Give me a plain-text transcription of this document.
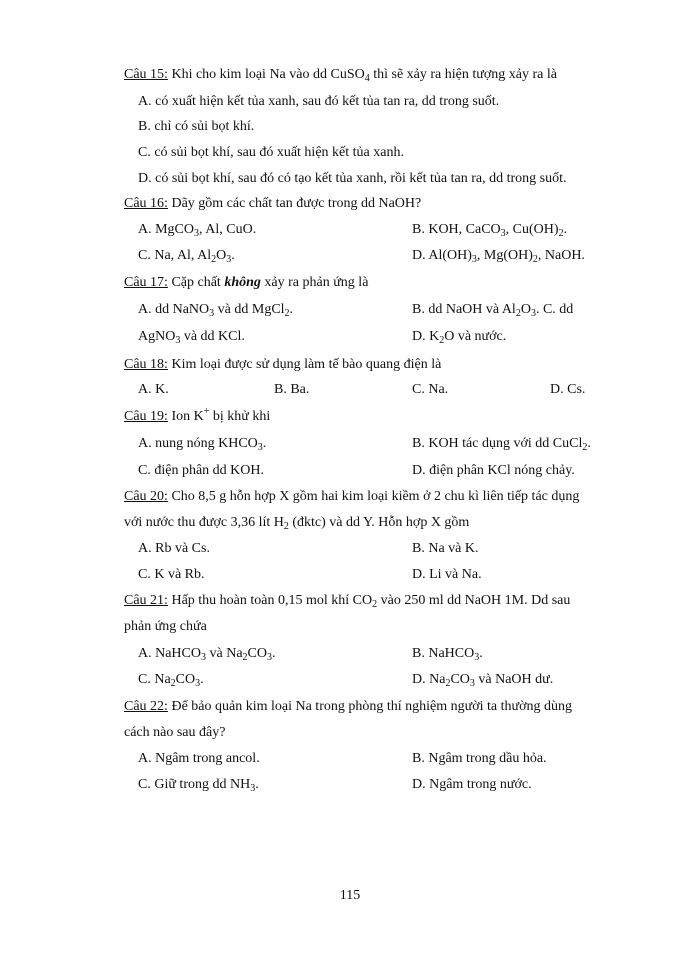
Câu 15: Khi cho kim loại Na vào dd CuSO$_4$ thì sẽ xảy ra hiện tượng xảy ra là
A. có xuất hiện kết tủa xanh, sau đó kết tủa tan ra, dd trong suốt.
B. chỉ có sủi bọt khí.
C. có sủi bọt khí, sau đó xuất hiện kết tủa xanh.
D. có sủi bọt khí, sau đó có tạo kết tủa xanh, rồi kết tủa tan ra, dd trong suốt.
Câu 16: Dãy gồm các chất tan được trong dd NaOH?
A. MgCO$_3$, Al, CuO.	B. KOH, CaCO$_3$, $Cu(OH)_2$.
C. Na, Al, $Al_2O_3$.	D. $Al(OH)_3$, $Mg(OH)_2$, NaOH.
Câu 17: Cặp chất không xảy ra phản ứng là
A. dd NaNO$_3$ và dd MgCl$_2$.	B. dd NaOH và $Al_2O_3$. C. dd
AgNO$_3$ và dd KCl.	D. $K_2O$ và nước.
Câu 18: Kim loại được sử dụng làm tế bào quang điện là
A. K.	B. Ba.	C. Na.	D. Cs.
Câu 19: Ion K+ bị khử khi
A. nung nóng $KHCO_3$.	B. KOH tác dụng với dd CuCl$_2$.
C. điện phân dd KOH.	D. điện phân KCl nóng chảy.
Câu 20: Cho 8,5 g hỗn hợp X gồm hai kim loại kiềm ở 2 chu kì liên tiếp tác dụng
với nước thu được 3,36 lít $H_2$ (đktc) và dd Y. Hỗn hợp X gồm
A. Rb và Cs.	B. Na và K.
C. K và Rb.	D. Li và Na.
Câu 21: Hấp thu hoàn toàn 0,15 mol khí $CO_2$ vào 250 ml dd NaOH 1M. Dd sau
phản ứng chứa
A. NaHCO$_3$ và $Na_2CO_3$.	B. NaHCO$_3$.
C. $Na_2CO_3$.	D. $Na_2CO_3$ và NaOH dư.
Câu 22: Để bảo quản kim loại Na trong phòng thí nghiệm người ta thường dùng
cách nào sau đây?
A. Ngâm trong ancol.	B. Ngâm trong dầu hỏa.
C. Giữ trong dd $NH_3$.	D. Ngâm trong nước.
115
